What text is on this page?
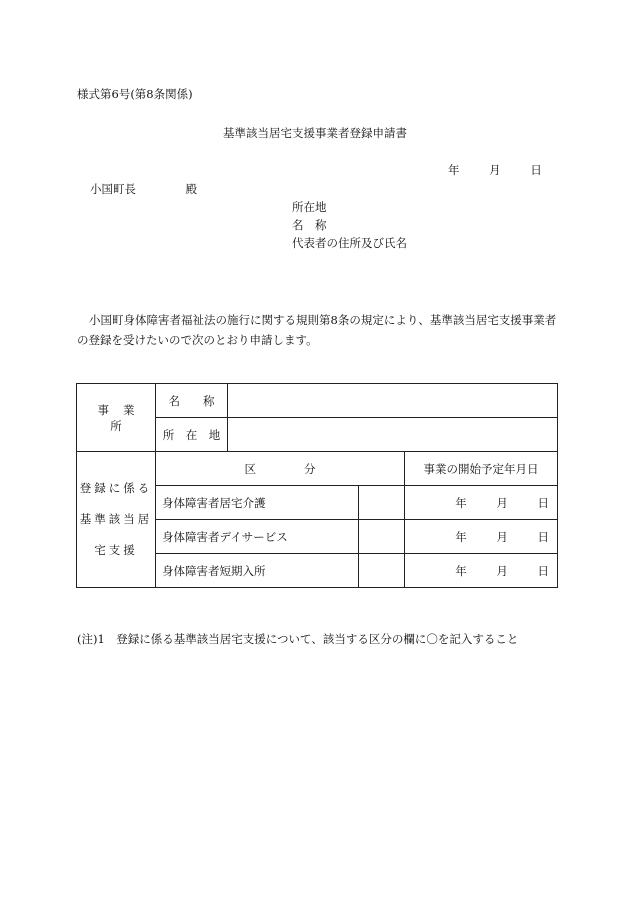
様式第6号(第8条関係)
基準該当居宅支援事業者登録申請書
年	月	日
小国町長	殿
所在地
名　称
代表者の住所及び氏名
小国町身体障害者福祉法の施行に関する規則第8条の規定により、基準該当居宅支援事業者の登録を受けたいので次のとおり申請します。
事業所	名　　称			
	所　在　地			

登録に係る
基準該当居
宅支援	区 分			事業の開始予定年月日
	身体障害者居宅介護			年 月 日
	身体障害者デイサービス			年 月 日
	身体障害者短期入所			年 月 日
(注)1　登録に係る基準該当居宅支援について、該当する区分の欄に〇を記入すること
